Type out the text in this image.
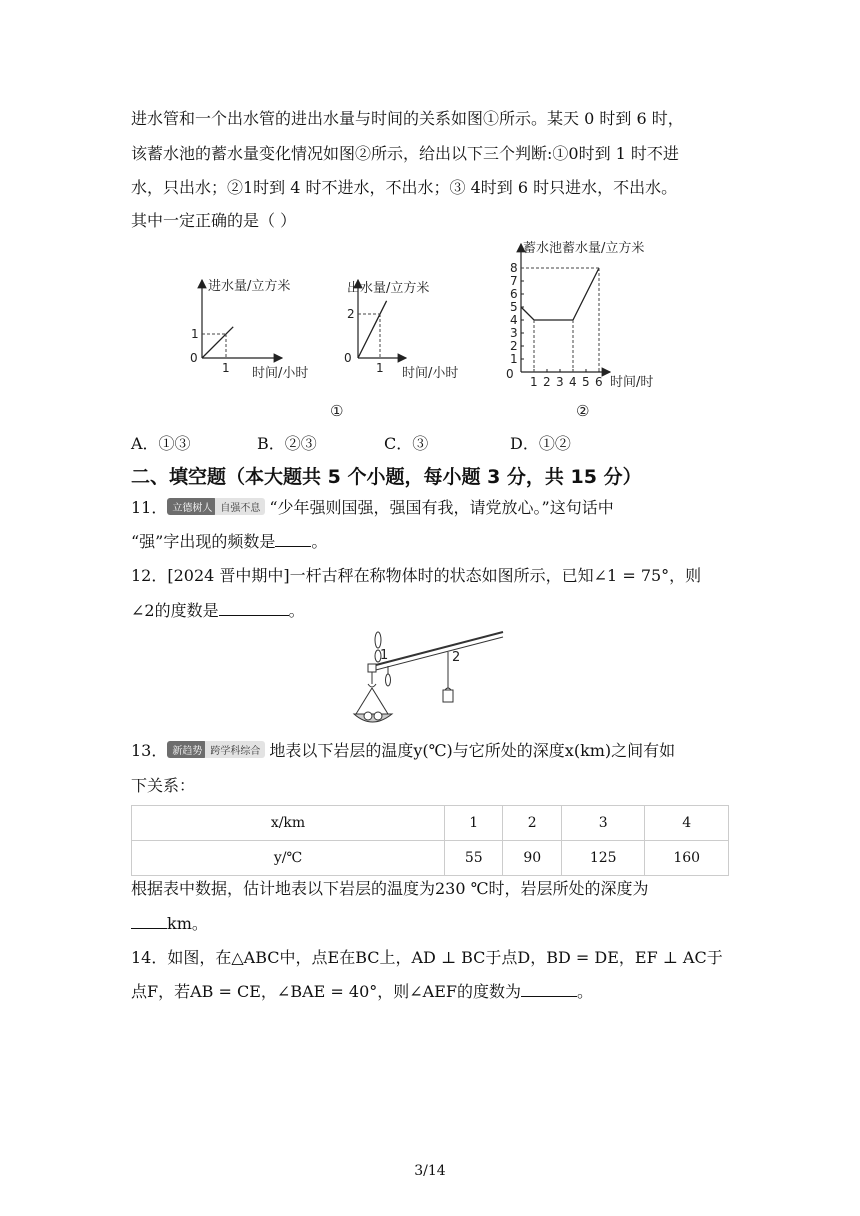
进水管和一个出水管的进出水量与时间的关系如图①所示。某天 0 时到 6 时，
该蓄水池的蓄水量变化情况如图②所示，给出以下三个判断:①0时到 1 时不进
水，只出水；②1时到 4 时不进水，不出水；③ 4时到 6 时只进水，不出水。
其中一定正确的是（ ）
进水量/立方米
时间/小时
0
1
1
出水量/立方米
时间/小时
0
1
2
1
2
3
4
5
6
7
8
1 2 3 4 5 6
蓄水池蓄水量/立方米
时间/时
0
①	②
A．①③	B．②③	C．③	D．①②
二、填空题（本大题共 5 个小题，每小题 3 分，共 15 分）
11． 立德树人 自强不息 “少年强则国强，强国有我，请党放心。”这句话中
“强”字出现的频数是 。
12．[2024 晋中期中]一杆古秤在称物体时的状态如图所示，已知∠1 = 75°，则
∠2的度数是	。
1	2
13． 新趋势 跨学科综合 地表以下岩层的温度y(℃)与它所处的深度x(km)之间有如
下关系：
x/km	1	2	3	4
y/℃	55	90	125	160
根据表中数据，估计地表以下岩层的温度为230 ℃时，岩层所处的深度为
km。
14．如图，在△ABC中，点E在BC上，AD ⊥ BC于点D，BD = DE，EF ⊥ AC于
点F，若AB = CE，∠BAE = 40°，则∠AEF的度数为	。
3/14
